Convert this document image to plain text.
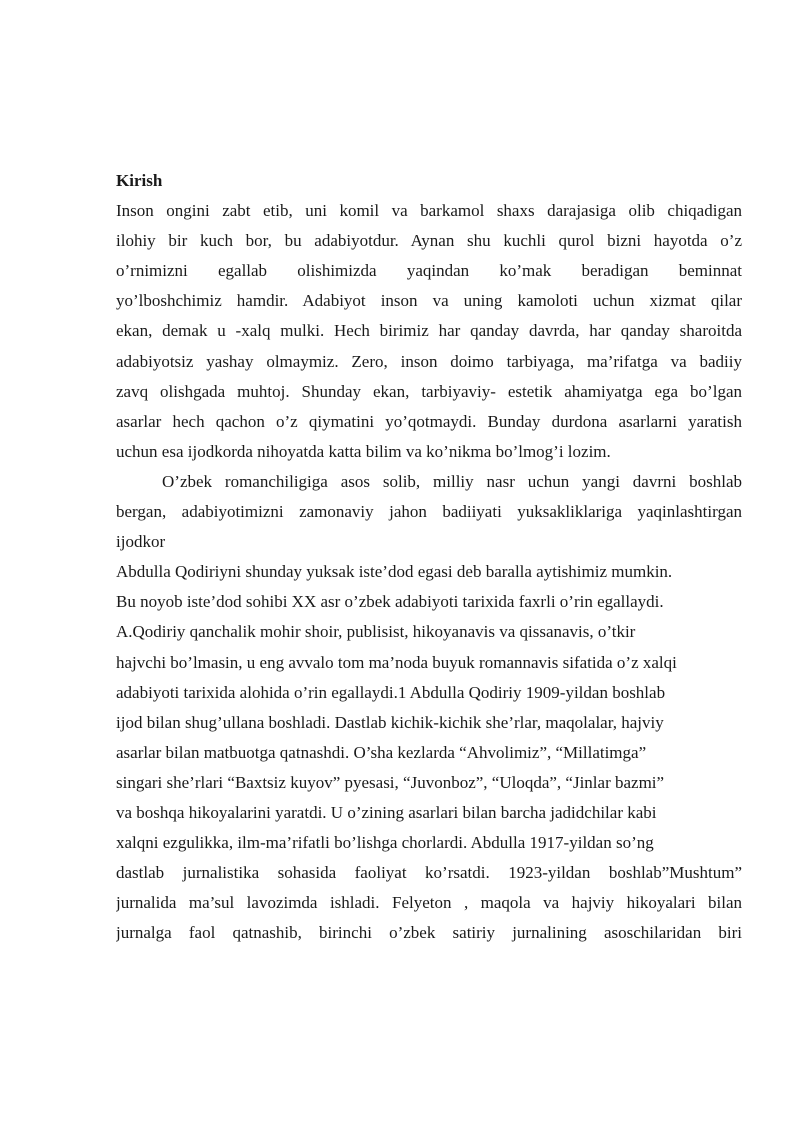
Kirish

Inson ongini zabt etib, uni komil va barkamol shaxs darajasiga olib chiqadigan

ilohiy bir kuch bor, bu adabiyotdur. Aynan shu kuchli qurol bizni hayotda o’z

o’rnimizni egallab olishimizda yaqindan ko’mak beradigan beminnat

yo’lboshchimiz hamdir. Adabiyot inson va uning kamoloti uchun xizmat qilar

ekan, demak u -xalq mulki. Hech birimiz har qanday davrda, har qanday sharoitda

adabiyotsiz yashay olmaymiz. Zero, inson doimo tarbiyaga, ma’rifatga va badiiy

zavq olishgada muhtoj. Shunday ekan, tarbiyaviy- estetik ahamiyatga ega bo’lgan

asarlar hech qachon o’z qiymatini yo’qotmaydi. Bunday durdona asarlarni yaratish

uchun esa ijodkorda nihoyatda katta bilim va ko’nikma bo’lmog’i lozim.

O’zbek romanchiligiga asos solib, milliy nasr uchun yangi davrni boshlab

bergan, adabiyotimizni zamonaviy jahon badiiyati yuksakliklariga yaqinlashtirgan

ijodkor

Abdulla Qodiriyni shunday yuksak iste’dod egasi deb baralla aytishimiz mumkin.

Bu noyob iste’dod sohibi XX asr o’zbek adabiyoti tarixida faxrli o’rin egallaydi.

A.Qodiriy qanchalik mohir shoir, publisist, hikoyanavis va qissanavis, o’tkir

hajvchi bo’lmasin, u eng avvalo tom ma’noda buyuk romannavis sifatida o’z xalqi

adabiyoti tarixida alohida o’rin egallaydi.1 Abdulla Qodiriy 1909-yildan boshlab

ijod bilan shug’ullana boshladi. Dastlab kichik-kichik she’rlar, maqolalar, hajviy

asarlar bilan matbuotga qatnashdi. O’sha kezlarda “Ahvolimiz”, “Millatimga”

singari she’rlari “Baxtsiz kuyov” pyesasi, “Juvonboz”, “Uloqda”, “Jinlar bazmi”

va boshqa hikoyalarini yaratdi. U o’zining asarlari bilan barcha jadidchilar kabi

xalqni ezgulikka, ilm-ma’rifatli bo’lishga chorlardi. Abdulla 1917-yildan so’ng

dastlab jurnalistika sohasida faoliyat ko’rsatdi. 1923-yildan boshlab”Mushtum”

jurnalida ma’sul lavozimda ishladi. Felyeton , maqola va hajviy hikoyalari bilan

jurnalga faol qatnashib, birinchi o’zbek satiriy jurnalining asoschilaridan biri
